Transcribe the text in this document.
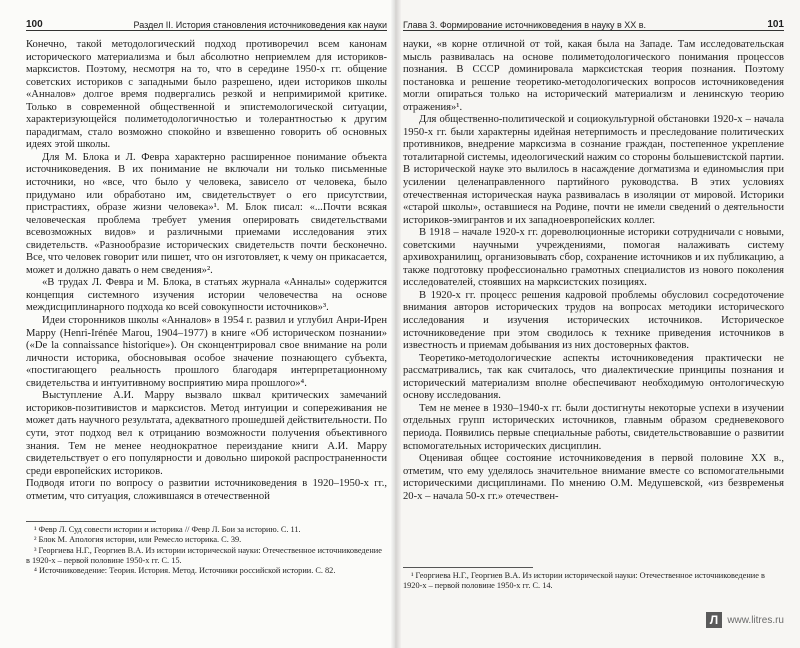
100	Раздел II. История становления источниковедения как науки

Конечно, такой методологический подход противоречил всем канонам исторического материализма и был абсолютно неприемлем для историков-марксистов. Поэтому, несмотря на то, что в середине 1950-х гг. общение советских историков с западными было разрешено, идеи историков школы «Анналов» долгое время подвергались резкой и непримиримой критике. Только в современной общественной и эпистемологической ситуации, характеризующейся полиметодологичностью и толерантностью к другим парадигмам, стало возможно спокойно и взвешенно говорить об основных идеях этой школы.

Для М. Блока и Л. Февра характерно расширенное понимание объекта источниковедения. В их понимание не включали ни только письменные источники, но «все, что было у человека, зависело от человека, было придумано или обработано им, свидетельствует о его присутствии, пристрастиях, образе жизни человека»¹. М. Блок писал: «...Почти всякая человеческая проблема требует умения оперировать свидетельствами всевозможных видов» и различными приемами исследования этих свидетельств. «Разнообразие исторических свидетельств почти бесконечно. Все, что человек говорит или пишет, что он изготовляет, к чему он прикасается, может и должно давать о нем сведения»².

«В трудах Л. Февра и М. Блока, в статьях журнала «Анналы» содержится концепция системного изучения истории человечества на основе междисциплинарного подхода ко всей совокупности источников»³.

Идеи сторонников школы «Анналов» в 1954 г. развил и углубил Анри-Ирен Марру (Henri-Irénée Marou, 1904–1977) в книге «Об историческом познании» («De la connaissance historique»). Он сконцентрировал свое внимание на роли личности историка, обосновывая особое значение познающего субъекта, «постигающего реальность прошлого благодаря интерпретационному свидетельства и интуитивному восприятию мира прошлого»⁴.

Выступление А.И. Марру вызвало шквал критических замечаний историков-позитивистов и марксистов. Метод интуиции и сопереживания не может дать научного результата, адекватного прошедшей действительности. По сути, этот подход вел к отрицанию возможности получения объективного знания. Тем не менее неоднократное переиздание книги А.И. Марру свидетельствует о его популярности и довольно широкой распространенности среди европейских историков.

Подводя итоги по вопросу о развитии источниковедения в 1920–1950-х гг., отметим, что ситуация, сложившаяся в отечественной

¹ Февр Л. Суд совести истории и историка // Февр Л. Бои за историю. С. 11.

² Блок М. Апология истории, или Ремесло историка. С. 39.

³ Георгиева Н.Г., Георгиев В.А. Из истории исторической науки: Отечественное источниковедение в 1920-х – первой половине 1950-х гг. С. 15.

⁴ Источниковедение: Теория. История. Метод. Источники российской истории. С. 82.

Глава 3. Формирование источниковедения в науку в XX в.	101

науки, «в корне отличной от той, какая была на Западе. Там исследовательская мысль развивалась на основе полиметодологического понимания процессов познания. В СССР доминировала марксистская теория познания. Поэтому постановка и решение теоретико-методологических вопросов источниковедения могли опираться только на исторический материализм и ленинскую теорию отражения»¹.

Для общественно-политической и социокультурной обстановки 1920-х – начала 1950-х гг. были характерны идейная нетерпимость и преследование политических противников, внедрение марксизма в сознание граждан, постепенное укрепление тоталитарной системы, идеологический нажим со стороны большевистской партии. В исторической науке это вылилось в насаждение догматизма и единомыслия при усилении целенаправленного партийного руководства. В этих условиях отечественная историческая наука развивалась в изоляции от мировой. Историки «старой школы», оставшиеся на Родине, почти не имели сведений о деятельности историков-эмигрантов и их западноевропейских коллег.

В 1918 – начале 1920-х гг. дореволюционные историки сотрудничали с новыми, советскими научными учреждениями, помогая налаживать систему архивохранилищ, организовывать сбор, сохранение источников и их публикацию, а также подготовку профессионально грамотных специалистов из нового поколения исследователей, стоявших на марксистских позициях.

В 1920-х гг. процесс решения кадровой проблемы обусловил сосредоточение внимания авторов исторических трудов на вопросах методики исторического исследования и изучения исторических источников. Историческое источниковедение при этом сводилось к технике приведения источников в известность и приемам добывания из них достоверных фактов.

Теоретико-методологические аспекты источниковедения практически не рассматривались, так как считалось, что диалектические принципы познания и исторический материализм вполне обеспечивают необходимую онтологическую основу исследования.

Тем не менее в 1930–1940-х гг. были достигнуты некоторые успехи в изучении отдельных групп исторических источников, главным образом средневекового периода. Появились первые специальные работы, свидетельствовавшие о развитии вспомогательных исторических дисциплин.

Оценивая общее состояние источниковедения в первой половине XX в., отметим, что ему уделялось значительное внимание вместе со вспомогательными историческими дисциплинами. По мнению О.М. Медушевской, «из безвременья 20-х – начала 50-х гг.» отечествен-

¹ Георгиева Н.Г., Георгиев В.А. Из истории исторической науки: Отечественное источниковедение в 1920-х – первой половине 1950-х гг. С. 14.

Л www.litres.ru
